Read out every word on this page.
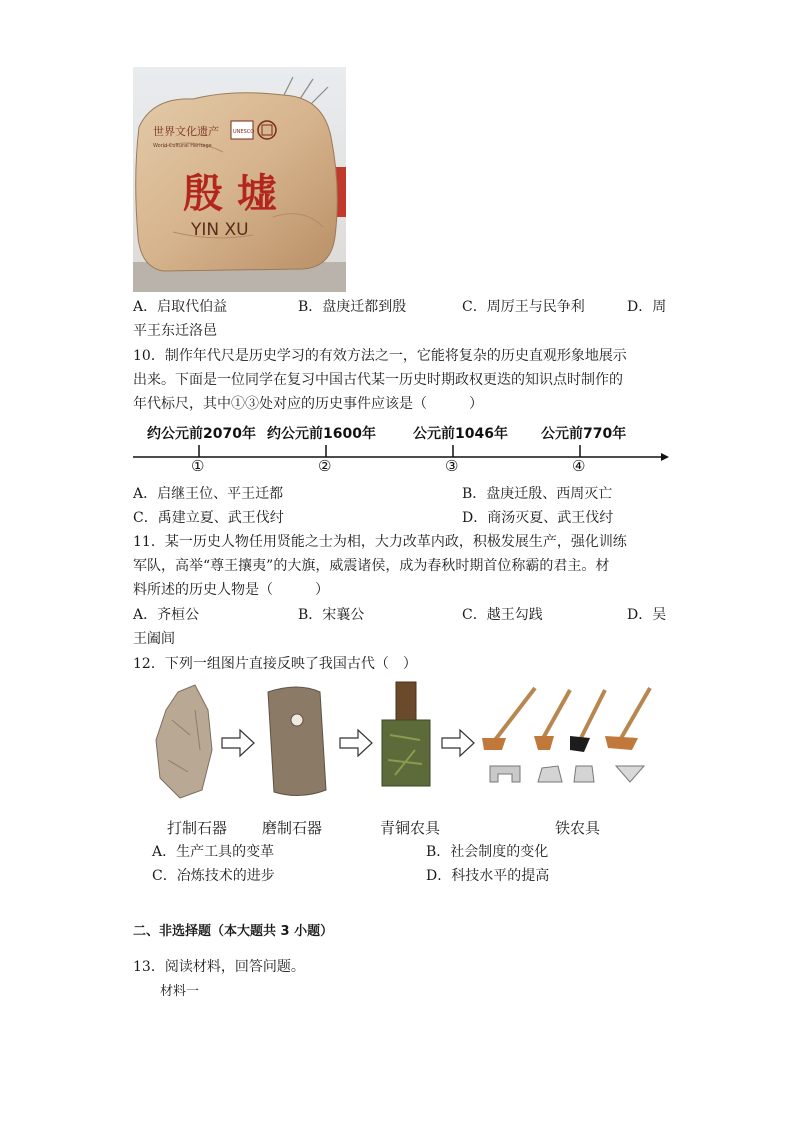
世界文化遗产
World Cultural Heritage
UNESCO
殷 墟
YIN XU
A．启取代伯益	B．盘庚迁都到殷	C．周厉王与民争利	D．周
平王东迁洛邑
10．制作年代尺是历史学习的有效方法之一，它能将复杂的历史直观形象地展示
出来。下面是一位同学在复习中国古代某一历史时期政权更迭的知识点时制作的
年代标尺，其中①③处对应的历史事件应该是（　　　）
约公元前2070年 约公元前1600年	公元前1046年 公元前770年
①	②	③	④
A．启继王位、平王迁都	B．盘庚迁殷、西周灭亡
C．禹建立夏、武王伐纣	D．商汤灭夏、武王伐纣
11．某一历史人物任用贤能之士为相，大力改革内政，积极发展生产，强化训练
军队，高举“尊王攘夷”的大旗，威震诸侯，成为春秋时期首位称霸的君主。材
料所述的历史人物是（　　　）
A．齐桓公	B．宋襄公	C．越王勾践	D．吴
王阖闾
12．下列一组图片直接反映了我国古代（　）
打制石器 磨制石器	青铜农具	铁农具
A．生产工具的变革	B．社会制度的变化
C．冶炼技术的进步	D．科技水平的提高
二、非选择题（本大题共 3 小题）
13．阅读材料，回答问题。
材料一
